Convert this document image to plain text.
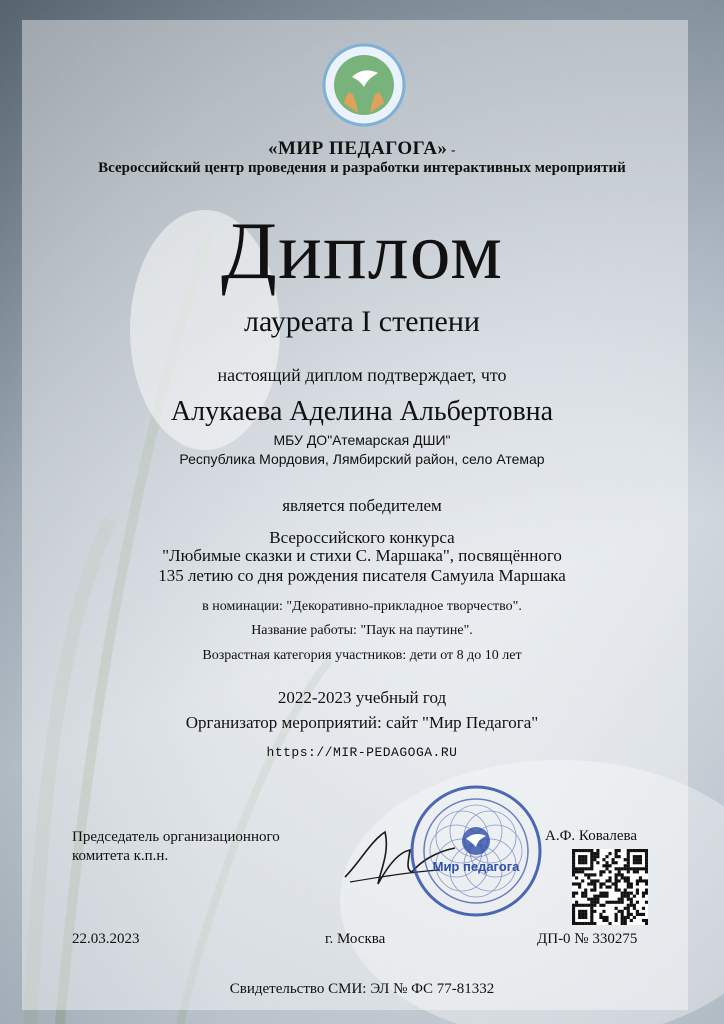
«МИР ПЕДАГОГА» -
Всероссийский центр проведения и разработки интерактивных мероприятий
Диплом
лауреата I степени
настоящий диплом подтверждает, что
Алукаева Аделина Альбертовна
МБУ ДО"Атемарская ДШИ"
Республика Мордовия, Лямбирский район, село Атемар
является победителем
Всероссийского конкурса
"Любимые сказки и стихи С. Маршака", посвящённого
135 летию со дня рождения писателя Самуила Маршака
в номинации: "Декоративно-прикладное творчество".
Название работы: "Паук на паутине".
Возрастная категория участников: дети от 8 до 10 лет
2022-2023 учебный год
Организатор мероприятий: сайт "Мир Педагога"
https://MIR-PEDAGOGA.RU
Председатель организационного
комитета к.п.н.
Мир педагога
А.Ф. Ковалева
22.03.2023	г. Москва	ДП-0 № 330275
Свидетельство СМИ: ЭЛ № ФС 77-81332
